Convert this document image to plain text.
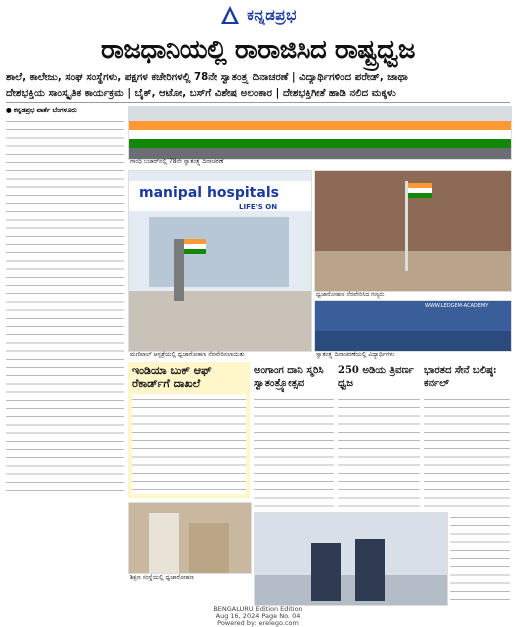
ಕನ್ನಡಪ್ರಭ
ರಾಜಧಾನಿಯಲ್ಲಿ ರಾರಾಜಿಸಿದ ರಾಷ್ಟ್ರಧ್ವಜ
ಶಾಲೆ, ಕಾಲೇಜು, ಸಂಘ ಸಂಸ್ಥೆಗಳು, ಪಕ್ಷಗಳ ಕಚೇರಿಗಳಲ್ಲಿ 78ನೇ ಸ್ವಾತಂತ್ರ್ಯ ದಿನಾಚರಣೆ | ವಿದ್ಯಾರ್ಥಿಗಳಿಂದ ಪರೇಡ್, ಜಾಥಾ
ದೇಶಭಕ್ತಿಯ ಸಾಂಸ್ಕೃತಿಕ ಕಾರ್ಯಕ್ರಮ | ಬೈಕ್, ಆಟೋ, ಬಸ್‌ಗೆ ವಿಶೇಷ ಅಲಂಕಾರ | ದೇಶಭಕ್ತಿಗೀತೆ ಹಾಡಿ ನಲಿದ ಮಕ್ಕಳು
● ಕನ್ನಡಪ್ರಭ ವಾರ್ತೆ ಬೆಂಗಳೂರು
ಗಾಂಧಿ ಬಜಾರ್‌ನಲ್ಲಿ 78ನೇ ಸ್ವಾತಂತ್ರ್ಯ ದಿನಾಚರಣೆ
manipal hospitals
LIFE'S ON
ಮಣಿಪಾಲ್ ಆಸ್ಪತ್ರೆಯಲ್ಲಿ ಧ್ವಜಾರೋಹಣ ನೆರವೇರಿಸಲಾಯಿತು
ಧ್ವಜಾರೋಹಣ ನೆರವೇರಿಸಿದ ಗಣ್ಯರು
WWW.LEDGEM-ACADEMY
ಸ್ವಾತಂತ್ರ್ಯ ದಿನಾಚರಣೆಯಲ್ಲಿ ವಿದ್ಯಾರ್ಥಿಗಳು
ಇಂಡಿಯಾ ಬುಕ್ ಆಫ್ ರೆಕಾರ್ಡ್‌ಗೆ ದಾಖಲೆ
ಅಂಗಾಂಗ ದಾನಿ ಸ್ಮರಿಸಿ ಸ್ವಾತಂತ್ರ್ಯೋತ್ಸವ
250 ಅಡಿಯ ತ್ರಿವರ್ಣ ಧ್ವಜ
ಭಾರತದ ಸೇನೆ ಬಲಿಷ್ಠ: ಕರ್ನಲ್
ಶಿಕ್ಷಣ ಸಂಸ್ಥೆಯಲ್ಲಿ ಧ್ವಜಾರೋಹಣ
BENGALURU Edition Edition
Aug 16, 2024 Page No. 04
Powered by: erelego.com
